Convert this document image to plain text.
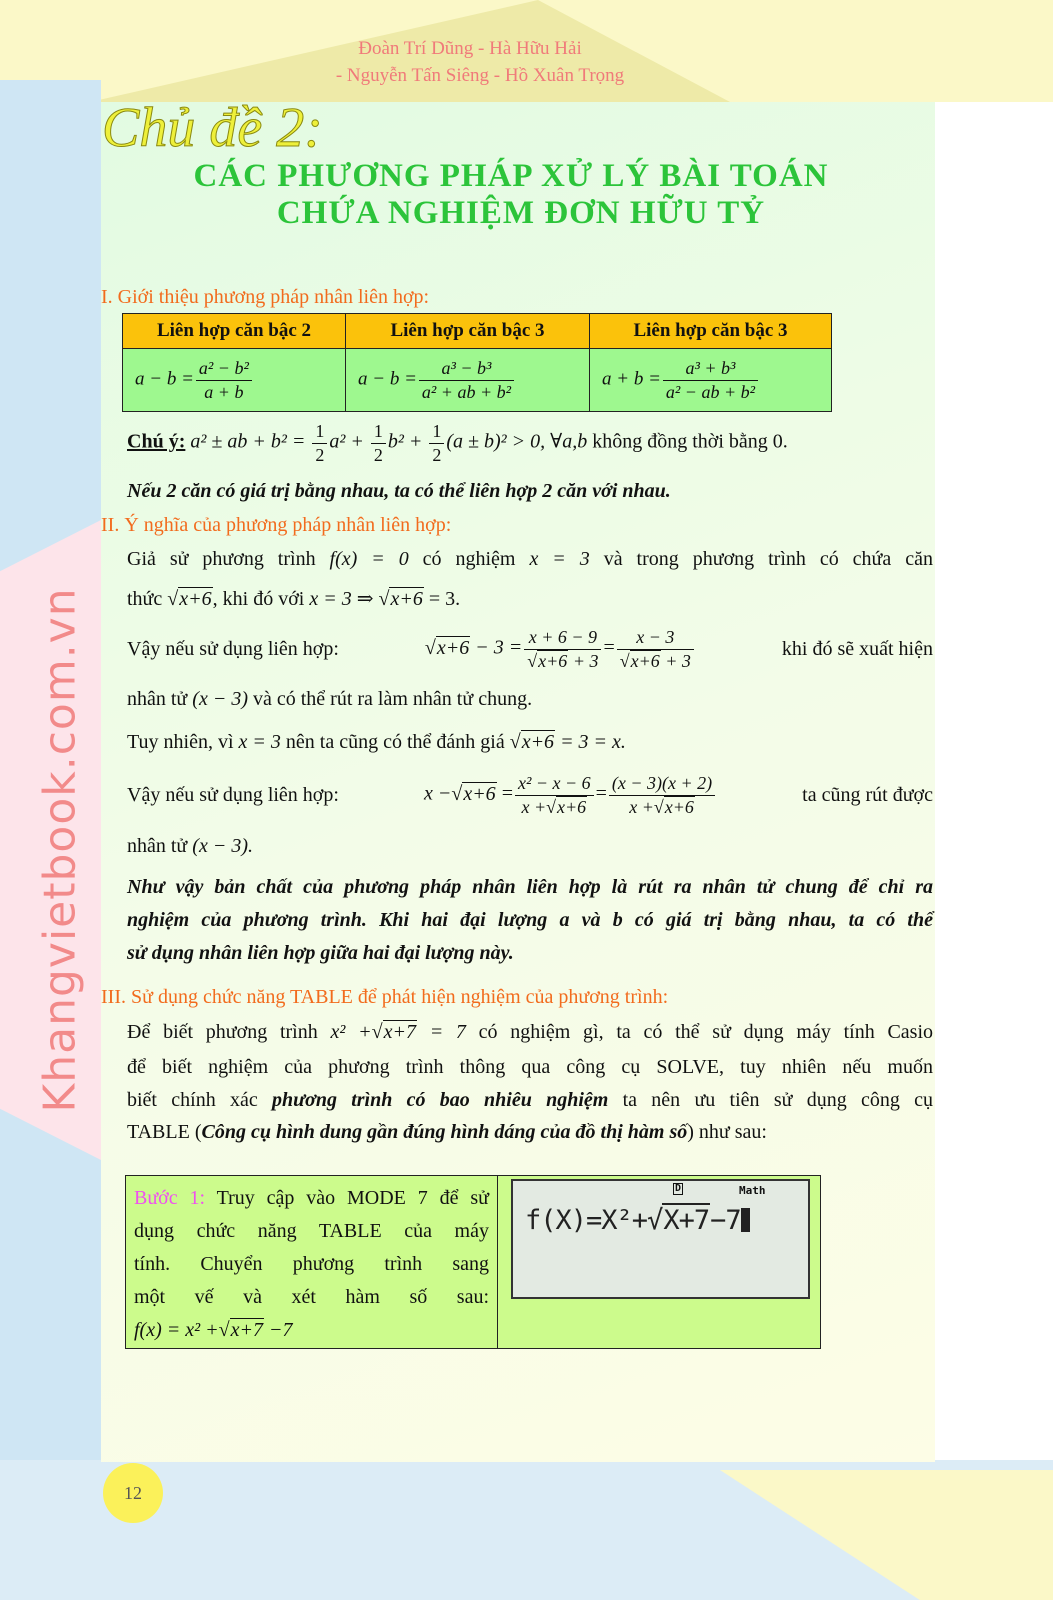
Khangvietbook.com.vn
Đoàn Trí Dũng - Hà Hữu Hải
- Nguyễn Tấn Siêng - Hồ Xuân Trọng
Chủ đề 2:
CÁC PHƯƠNG PHÁP XỬ LÝ BÀI TOÁN
CHỨA NGHIỆM ĐƠN HỮU TỶ
I. Giới thiệu phương pháp nhân liên hợp:
Liên hợp căn bậc 2	Liên hợp căn bậc 3	Liên hợp căn bậc 3
$a - b = \frac{\text{a² − b²}}{a + b}$	$a - b = \frac{\text{a³ − b³}}{\text{a² + ab + b²}}$	$a + b = \frac{\text{a³ + b³}}{\text{a² − ab + b²}}$
Chú ý: a² ± ab + $b^2 = \frac{1}{2} a^2 + \frac{1}{2} b^2 + \frac{1}{2} (a \pm b)^2 > 0$, ∀a,b không đồng thời bằng 0.
Nếu 2 căn có giá trị bằng nhau, ta có thể liên hợp 2 căn với nhau.
II. Ý nghĩa của phương pháp nhân liên hợp:
Giả sử phương trình f(x) = 0 có nghiệm x = 3 và trong phương trình có chứa căn
thức √x+6, khi đó với x = 3 ⇒ √x+6 = 3.
Vậy nếu sử dụng liên hợp:	$√x+6 - 3 = \frac{x + 6 - 9}{√x+6 + 3} = \frac{x - 3}{√x+6 + 3}$	khi đó sẽ xuất hiện
nhân tử (x − 3) và có thể rút ra làm nhân tử chung.
Tuy nhiên, vì x = 3 nên ta cũng có thể đánh giá √x+6 = 3 = x.
Vậy nếu sử dụng liên hợp:	$x -√x+6 = \frac{\text{x² − x − 6}}{x +√x+6} = \frac{(x - 3)(x + 2)}{x +√x+6}$	ta cũng rút được
nhân tử (x − 3).
Như vậy bản chất của phương pháp nhân liên hợp là rút ra nhân tử chung để chỉ ra
nghiệm của phương trình. Khi hai đại lượng a và b có giá trị bằng nhau, ta có thể
sử dụng nhân liên hợp giữa hai đại lượng này.
III. Sử dụng chức năng TABLE để phát hiện nghiệm của phương trình:
Để biết phương trình x² +√x+7 = 7 có nghiệm gì, ta có thể sử dụng máy tính Casio
để biết nghiệm của phương trình thông qua công cụ SOLVE, tuy nhiên nếu muốn
biết chính xác phương trình có bao nhiêu nghiệm ta nên ưu tiên sử dụng công cụ
TABLE (Công cụ hình dung gần đúng hình dáng của đồ thị hàm số) như sau:
Bước 1: Truy cập vào MODE 7 để sử
dụng chức năng TABLE của máy
tính. Chuyển phương trình sang
một vế và xét hàm số sau:
f(x) = x² +√x+7 −7
D	Math
f(X)=X²+√X+7−7
12
